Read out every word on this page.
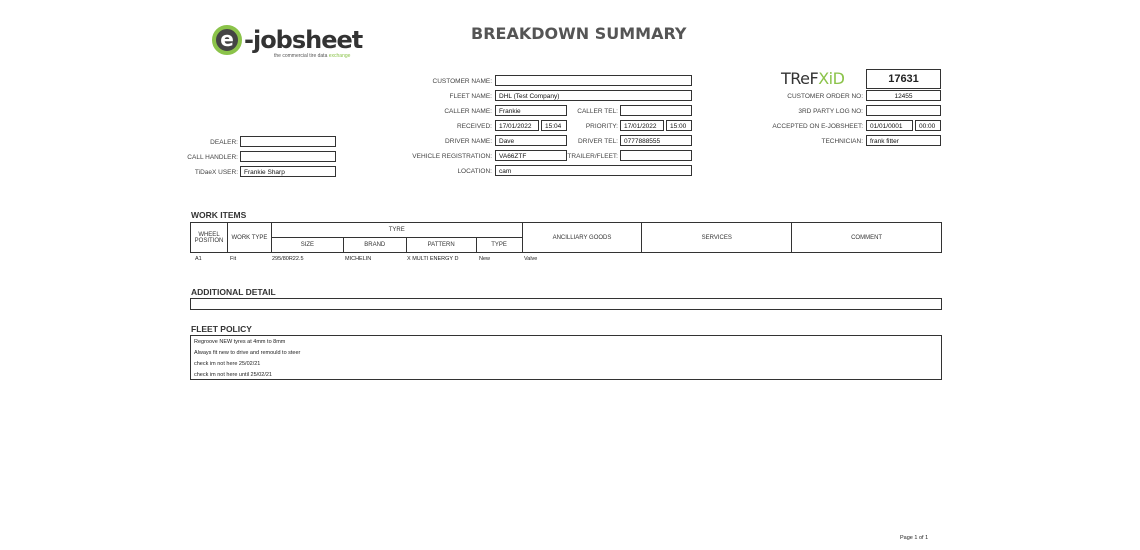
e -jobsheet
the commercial tire data exchange
BREAKDOWN SUMMARY
TReFXiD	17631
DEALER:
CALL HANDLER:
TiDaeX USER: Frankie Sharp
CUSTOMER NAME:
FLEET NAME:	DHL (Test Company)
CALLER NAME:	Frankie	CALLER TEL:
RECEIVED:	17/01/2022	15:04	PRIORITY: 17/01/2022	15:00
DRIVER NAME:	Dave	DRIVER TEL: 0777888555
VEHICLE REGISTRATION:	VA66ZTF	TRAILER/FLEET:
LOCATION:	cam
CUSTOMER ORDER NO:	12455
3RD PARTY LOG NO:
ACCEPTED ON E-JOBSHEET:	01/01/0001	00:00
TECHNICIAN:	frank fitter
WORK ITEMS
WHEEL POSITION	WORK TYPE	TYRE				ANCILLIARY GOODS	SERVICES	COMMENT
		SIZE	BRAND	PATTERN	TYPE			
A1	Fit	295/80R22.5	MICHELIN	X MULTI ENERGY D	New	Valve
ADDITIONAL DETAIL
FLEET POLICY
Regroove NEW tyres at 4mm to 8mm
Always fit new to drive and remould to steer
check im not here 25/02/21
check im not here until 25/02/21
Page 1 of 1
